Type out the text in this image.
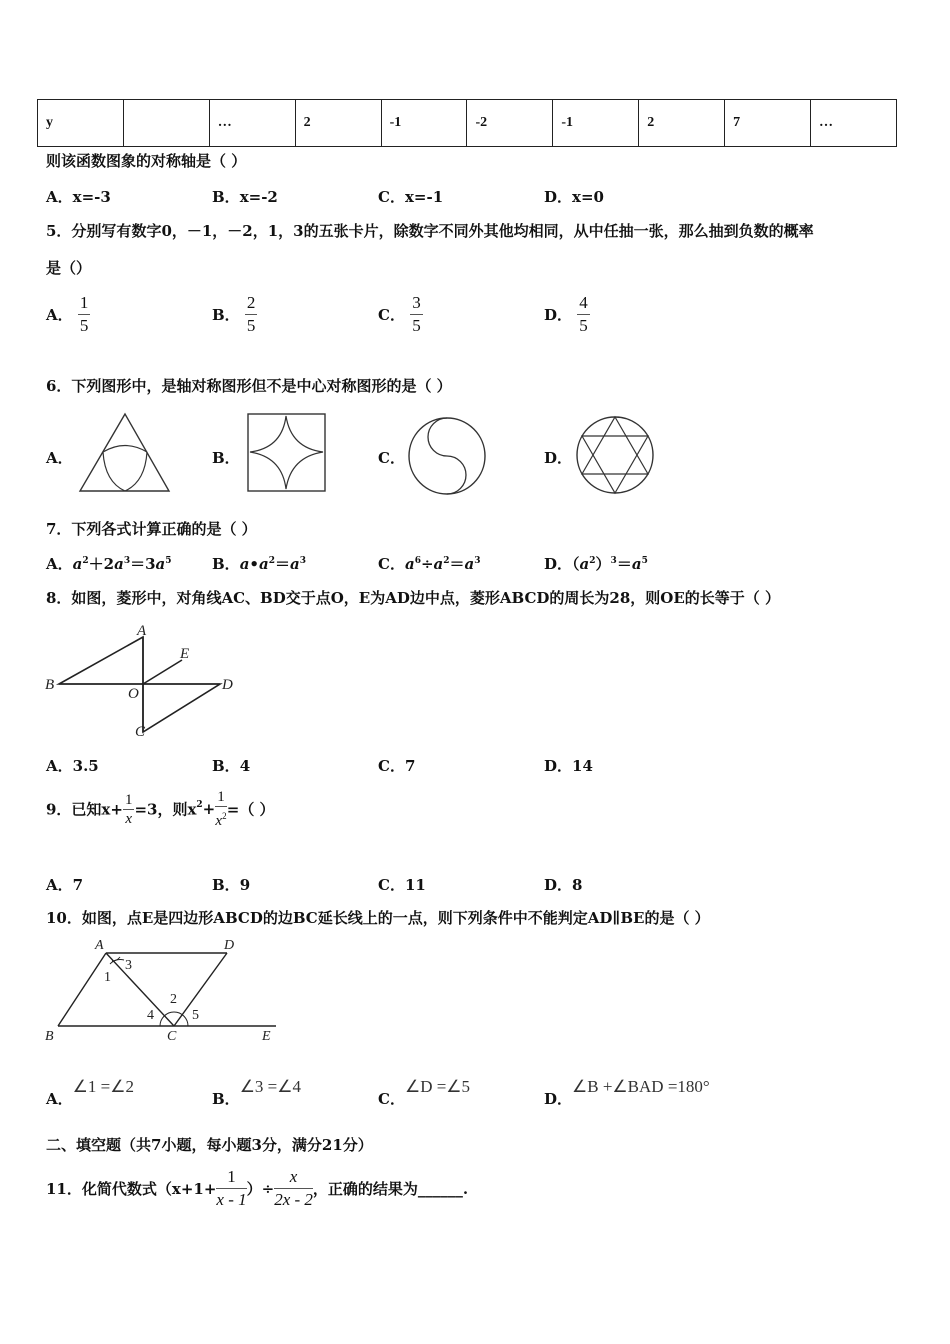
y		…	2	-1	-2	-1	2	7	…
则该函数图象的对称轴是（ ）
A．x=-3	B．x=-2	C．x=-1	D．x=0
5．分别写有数字0，－1，－2，1，3的五张卡片，除数字不同外其他均相同，从中任抽一张，那么抽到负数的概率
是（）
A． $\frac{1}{5}$	B． $\frac{2}{5}$	C． $\frac{3}{5}$	D． $\frac{4}{5}$
6．下列图形中，是轴对称图形但不是中心对称图形的是（ ）
A．	B．	C．	D．
7．下列各式计算正确的是（ ）
A．$a^2+2a^3=3a^5$	B．$a•a^2=a^3$	C．$a^6\div a^2=a^3$	D．$(a^2)^3=a^5$
8．如图，菱形中，对角线AC、BD交于点O，E为AD边中点，菱形ABCD的周长为28，则OE的长等于（ ）
A
B
C
D
E
O
A．3.5	B．4	C．7	D．14
9．已知$x+ \frac{1}{x} =3$，则$x^2+ \frac{1}{x^2}$ =（ ）
A．7	B．9	C．11	D．8
10．如图，点E是四边形ABCD的边BC延长线上的一点，则下列条件中不能判定AD∥BE的是（ ）
A	D
B	C	E
1
2
3
4	5
A．∠1 =∠2
B．∠3 =∠4
C．∠D =∠5
D．∠B +∠BAD =180°
二、填空题（共7小题，每小题3分，满分21分）
11．化简代数式（$x+1+ \frac{1}{x - 1}$ ）÷ $\frac{x}{2x - 2}$ ，正确的结果为______.
